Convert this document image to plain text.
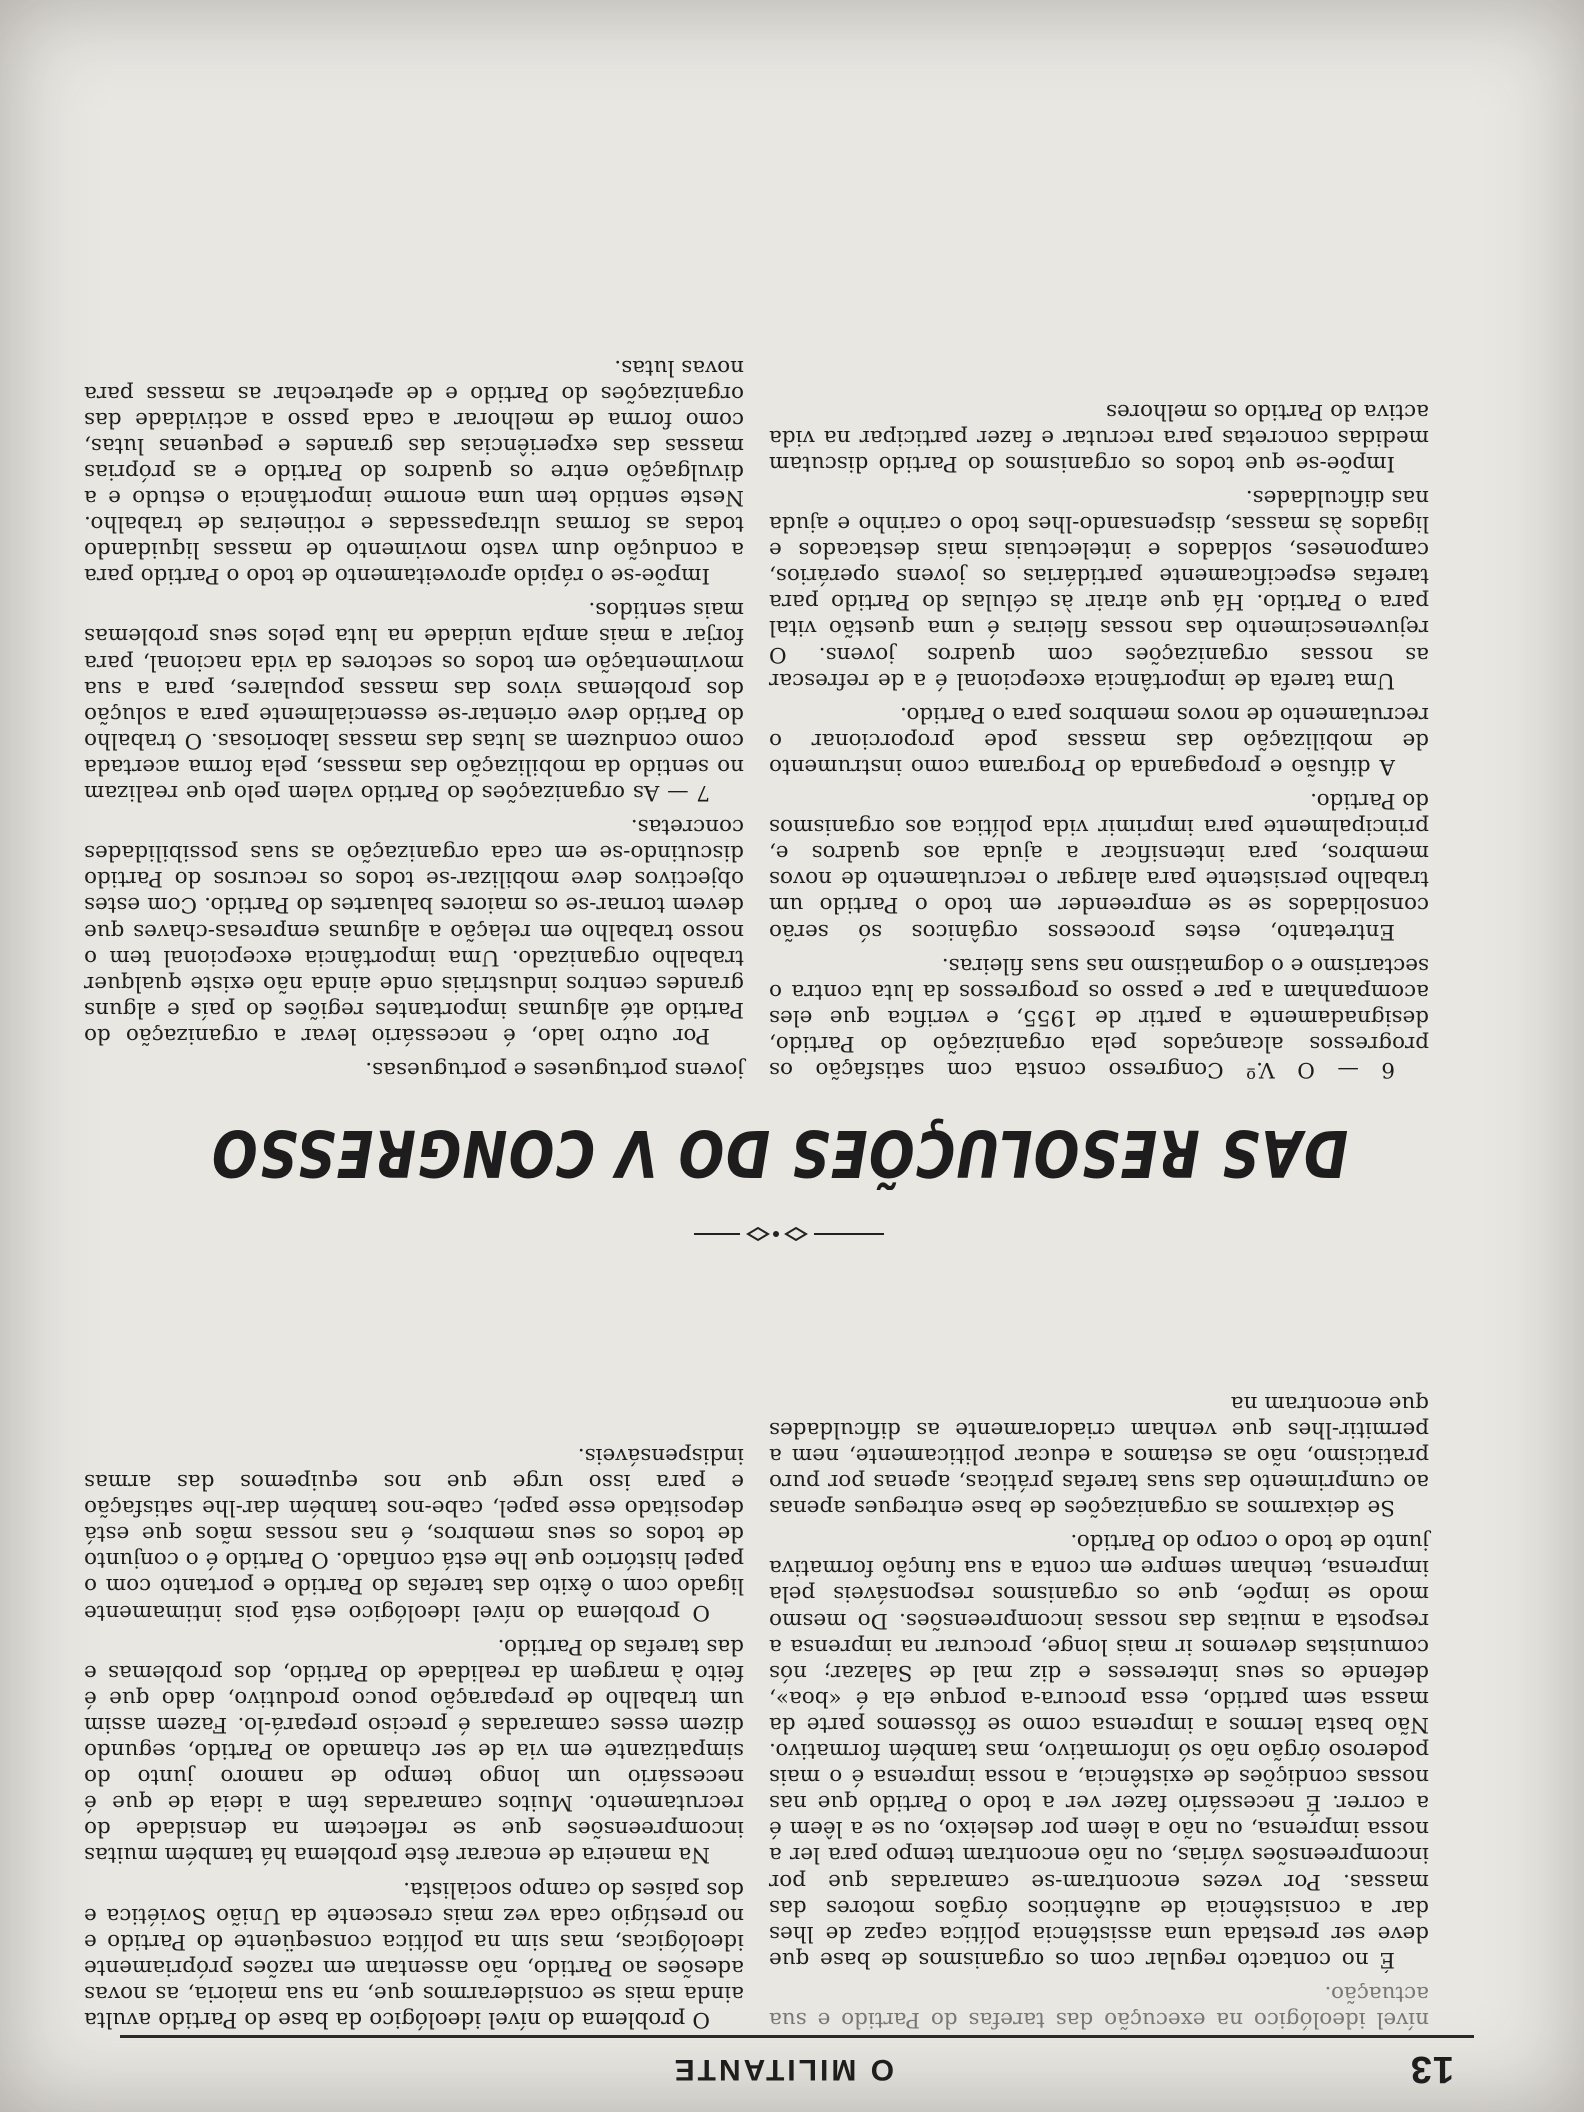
13
O MILITANTE

nível ideológico na execução das tarefas do Partido e sua actuação.

É no contacto regular com os organismos de base que deve ser prestada uma assistência política capaz de lhes dar a consistência de autênticos órgãos motores das massas. Por vezes encontram-se camaradas que por incompreensões várias, ou não encontram tempo para ler a nossa imprensa, ou não a lêem por desleixo, ou se a lêem é a correr. É necessário fazer ver a todo o Partido que nas nossas condições de existência, a nossa imprensa é o mais poderoso órgão não só informativo, mas também formativo. Não basta lermos a imprensa como se fôssemos parte da massa sem partido, essa procura-a porque ela é «boa», defende os seus interesses e diz mal de Salazar; nós comunistas devemos ir mais longe, procurar na imprensa a resposta a muitas das nossas incompreensões. Do mesmo modo se impõe, que os organismos responsáveis pela imprensa, tenham sempre em conta a sua função formativa junto de todo o corpo do Partido.

Se deixarmos as organizações de base entregues apenas ao cumprimento das suas tarefas práticas, apenas por puro praticismo, não as estamos a educar politicamente, nem a permitir-lhes que venham criadoramente as dificuldades que encontram na

O problema do nível ideológico da base do Partido avulta ainda mais se considerarmos que, na sua maioria, as novas adesões ao Partido, não assentam em razões própriamente ideológicas, mas sim na política conseqüente do Partido e no prestígio cada vez mais crescente da União Soviética e dos países do campo socialista.

Na maneira de encarar êste problema há também muitas incompreensões que se reflectem na densidade do recrutamento. Muitos camaradas têm a ideia de que é necessário um longo tempo de namoro junto do simpatizante em via de ser chamado ao Partido, segundo dizem esses camaradas é preciso prepará-lo. Fazem assim um trabalho de preparação pouco produtivo, dado que é feito à margem da realidade do Partido, dos problemas e das tarefas do Partido.

O problema do nível ideológico está pois intimamente ligado com o êxito das tarefas do Partido e portanto com o papel histórico que lhe está confiado. O Partido é o conjunto de todos os seus membros, é nas nossas mãos que está depositado esse papel, cabe-nos também dar-lhe satisfação e para isso urge que nos equipemos das armas indispensáveis.

DAS RESOLUÇÕES DO V CONGRESSO

6 — O V.º Congresso consta com satisfação os progressos alcançados pela organização do Partido, designadamente a partir de 1955, e verifica que eles acompanham a par e passo os progressos da luta contra o sectarismo e o dogmatismo nas suas fileiras.

Entretanto, estes processos orgânicos só serão consolidados se se empreender em todo o Partido um trabalho persistente para alargar o recrutamento de novos membros, para intensificar a ajuda aos quadros e, principalmente para imprimir vida política aos organismos do Partido.

A difusão e propaganda do Programa como instrumento de mobilização das massas pode proporcionar o recrutamento de novos membros para o Partido.

Uma tarefa de importância excepcional é a de refrescar as nossas organizações com quadros jovens. O rejuvenescimento das nossas fileiras é uma questão vital para o Partido. Há que atrair às células do Partido para tarefas especificamente partidárias os jovens operários, camponeses, soldados e intelectuais mais destacados e ligados às massas, dispensando-lhes todo o carinho e ajuda nas dificuldades.

Impõe-se que todos os organismos do Partido discutam medidas concretas para recrutar e fazer participar na vida activa do Partido os melhores

jovens portugueses e portuguesas.

Por outro lado, é necessário levar a organização do Partido até algumas importantes regiões do país e alguns grandes centros industriais onde ainda não existe qualquer trabalho organizado. Uma importância excepcional tem o nosso trabalho em relação a algumas empresas-chaves que devem tornar-se os maiores baluartes do Partido. Com estes objectivos deve mobilizar-se todos os recursos do Partido discutindo-se em cada organização as suas possibilidades concretas.

7 — As organizações do Partido valem pelo que realizam no sentido da mobilização das massas, pela forma acertada como conduzem as lutas das massas laboriosas. O trabalho do Partido deve orientar-se essencialmente para a solução dos problemas vivos das massas populares, para a sua movimentação em todos os sectores da vida nacional, para forjar a mais ampla unidade na luta pelos seus problemas mais sentidos.

Impõe-se o rápido aproveitamento de todo o Partido para a condução dum vasto movimento de massas liquidando todas as formas ultrapassadas e rotineiras de trabalho. Neste sentido tem uma enorme importância o estudo e a divulgação entre os quadros do Partido e as próprias massas das experiências das grandes e pequenas lutas, como forma de melhorar a cada passo a actividade das organizações do Partido e de apetrechar as massas para novas lutas.
